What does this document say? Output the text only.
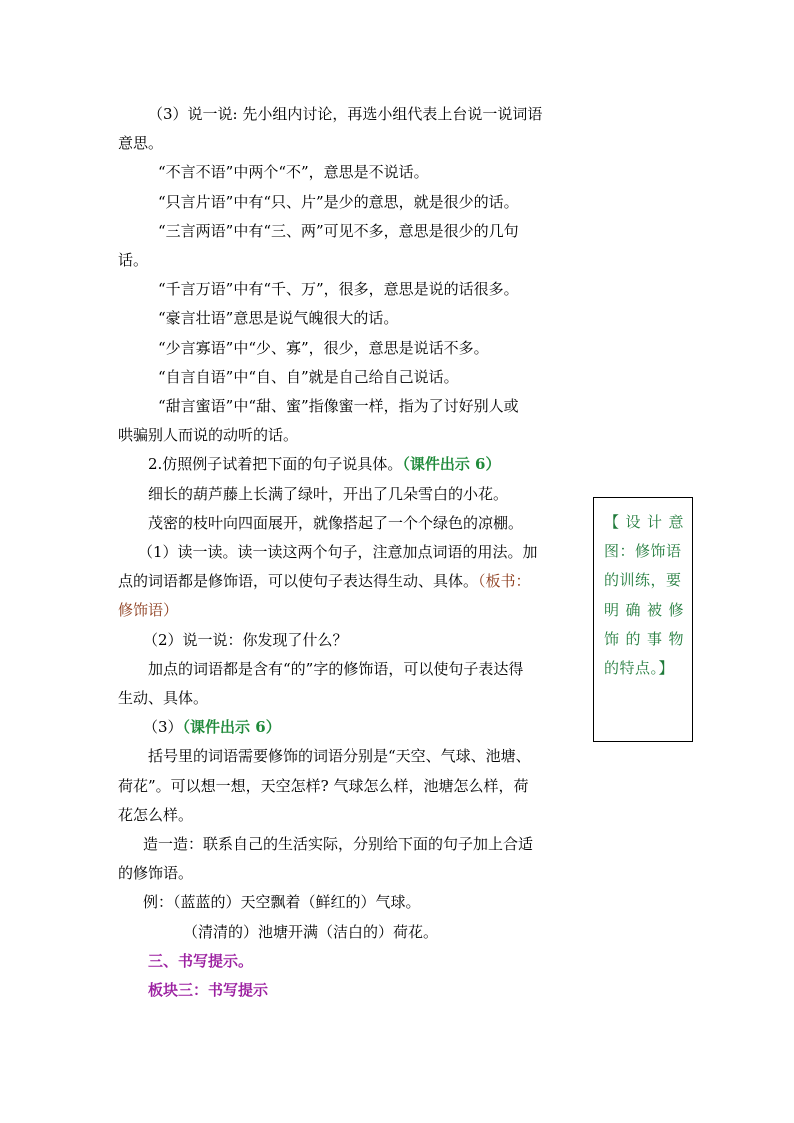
（3）说一说: 先小组内讨论，再选小组代表上台说一说词语

意思。

“不言不语”中两个“不”，意思是不说话。

“只言片语”中有“只、片”是少的意思，就是很少的话。

“三言两语”中有“三、两”可见不多，意思是很少的几句

话。

“千言万语”中有“千、万”，很多，意思是说的话很多。

“豪言壮语”意思是说气魄很大的话。

“少言寡语”中“少、寡”，很少，意思是说话不多。

“自言自语”中“自、自”就是自己给自己说话。

“甜言蜜语”中“甜、蜜”指像蜜一样，指为了讨好别人或

哄骗别人而说的动听的话。

2.仿照例子试着把下面的句子说具体。（课件出示 6）

细长的葫芦藤上长满了绿叶，开出了几朵雪白的小花。

茂密的枝叶向四面展开，就像搭起了一个个绿色的凉棚。

（1）读一读。读一读这两个句子，注意加点词语的用法。加

点的词语都是修饰语，可以使句子表达得生动、具体。（板书：

修饰语）

（2）说一说：你发现了什么？

加点的词语都是含有“的”字的修饰语，可以使句子表达得

生动、具体。

（3）（课件出示 6）

括号里的词语需要修饰的词语分别是“天空、气球、池塘、

荷花”。可以想一想，天空怎样? 气球怎么样，池塘怎么样，荷

花怎么样。

造一造：联系自己的生活实际，分别给下面的句子加上合适

的修饰语。

例：（蓝蓝的）天空飘着（鲜红的）气球。

（清清的）池塘开满（洁白的）荷花。

三、书写提示。

板块三：书写提示

【设计意
图：修饰语
的训练，要
明确被修
饰的事物
的特点。】
